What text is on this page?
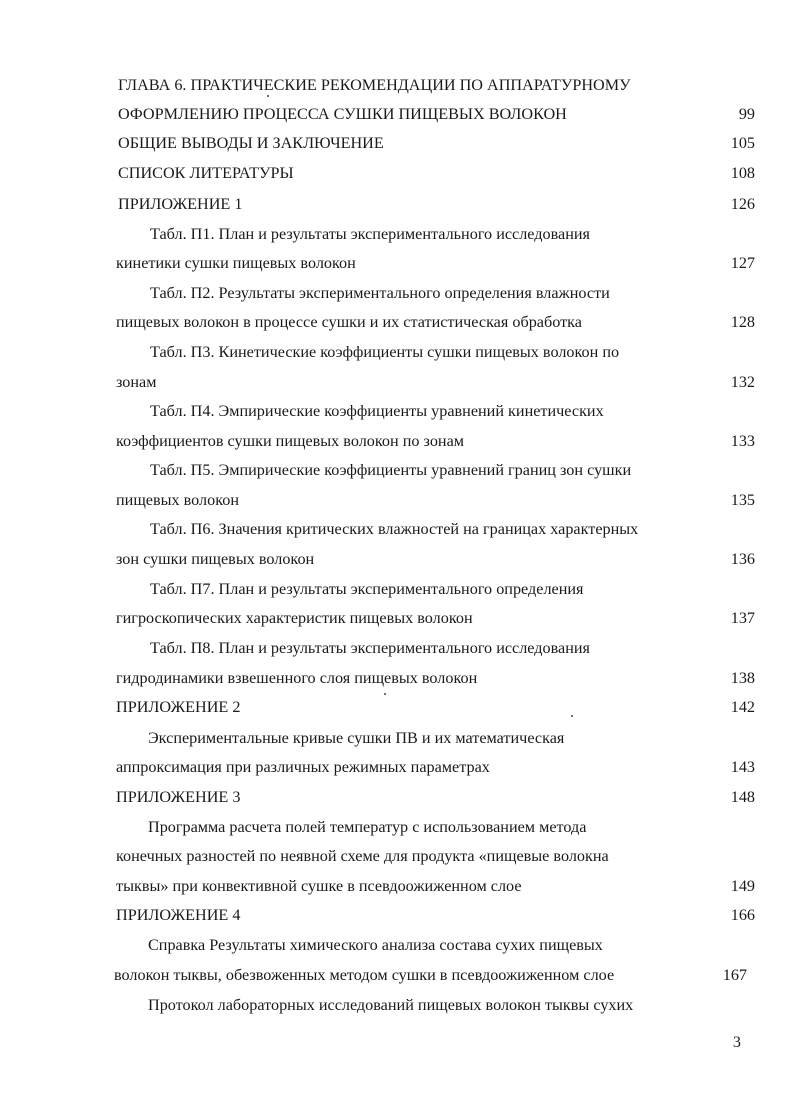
ГЛАВА 6. ПРАКТИЧЕСКИЕ РЕКОМЕНДАЦИИ ПО АППАРАТУРНОМУ
ОФОРМЛЕНИЮ ПРОЦЕССА СУШКИ ПИЩЕВЫХ ВОЛОКОН	99
ОБЩИЕ ВЫВОДЫ И ЗАКЛЮЧЕНИЕ	105
СПИСОК ЛИТЕРАТУРЫ	108
ПРИЛОЖЕНИЕ 1	126
Табл. П1. План и результаты экспериментального исследования
кинетики сушки пищевых волокон	127
Табл. П2. Результаты экспериментального определения влажности
пищевых волокон в процессе сушки и их статистическая обработка	128
Табл. П3. Кинетические коэффициенты сушки пищевых волокон по
зонам	132
Табл. П4. Эмпирические коэффициенты уравнений кинетических
коэффициентов сушки пищевых волокон по зонам	133
Табл. П5. Эмпирические коэффициенты уравнений границ зон сушки
пищевых волокон	135
Табл. П6. Значения критических влажностей на границах характерных
зон сушки пищевых волокон	136
Табл. П7. План и результаты экспериментального определения
гигроскопических характеристик пищевых волокон	137
Табл. П8. План и результаты экспериментального исследования
гидродинамики взвешенного слоя пищевых волокон	138
ПРИЛОЖЕНИЕ 2	142
Экспериментальные кривые сушки ПВ и их математическая
аппроксимация при различных режимных параметрах	143
ПРИЛОЖЕНИЕ 3	148
Программа расчета полей температур с использованием метода
конечных разностей по неявной схеме для продукта «пищевые волокна
тыквы» при конвективной сушке в псевдоожиженном слое	149
ПРИЛОЖЕНИЕ 4	166
Справка Результаты химического анализа состава сухих пищевых
волокон тыквы, обезвоженных методом сушки в псевдоожиженном слое	167
Протокол лабораторных исследований пищевых волокон тыквы сухих
3
